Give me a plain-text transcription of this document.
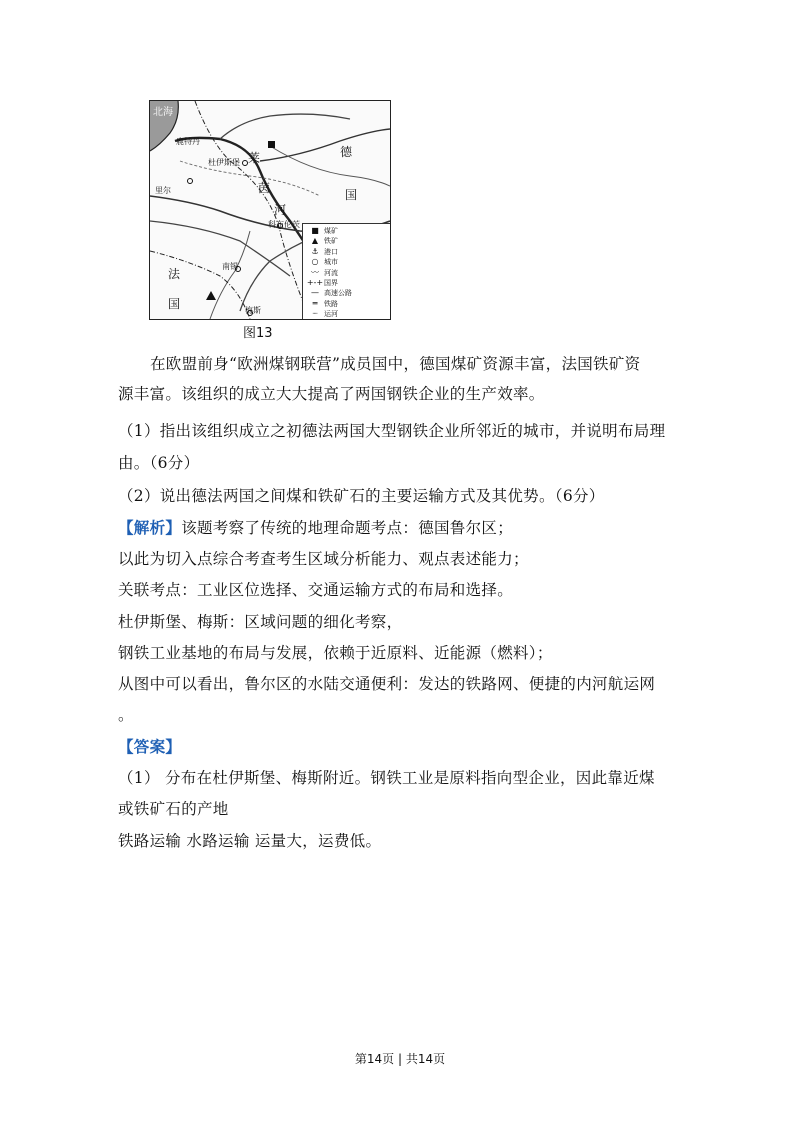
北海
鹿特丹
杜伊斯堡
里尔
科布伦茨
南锡
梅斯
莱
茵
河
德
国
法
国
■ 煤矿
▲ 铁矿
⚓ 港口
○ 城市
〰 河流
+-+ 国界
— 高速公路
═ 铁路
┈ 运河
图13
在欧盟前身“欧洲煤钢联营”成员国中，德国煤矿资源丰富，法国铁矿资
源丰富。该组织的成立大大提高了两国钢铁企业的生产效率。
（1）指出该组织成立之初德法两国大型钢铁企业所邻近的城市，并说明布局理
由。（6分）
（2）说出德法两国之间煤和铁矿石的主要运输方式及其优势。（6分）
【解析】该题考察了传统的地理命题考点：德国鲁尔区；
以此为切入点综合考查考生区域分析能力、观点表述能力；
关联考点：工业区位选择、交通运输方式的布局和选择。
杜伊斯堡、梅斯：区域问题的细化考察，
钢铁工业基地的布局与发展，依赖于近原料、近能源（燃料）；
从图中可以看出，鲁尔区的水陆交通便利：发达的铁路网、便捷的内河航运网
。
【答案】
（1） 分布在杜伊斯堡、梅斯附近。钢铁工业是原料指向型企业，因此靠近煤
或铁矿石的产地
铁路运输 水路运输 运量大，运费低。
第14页 | 共14页
